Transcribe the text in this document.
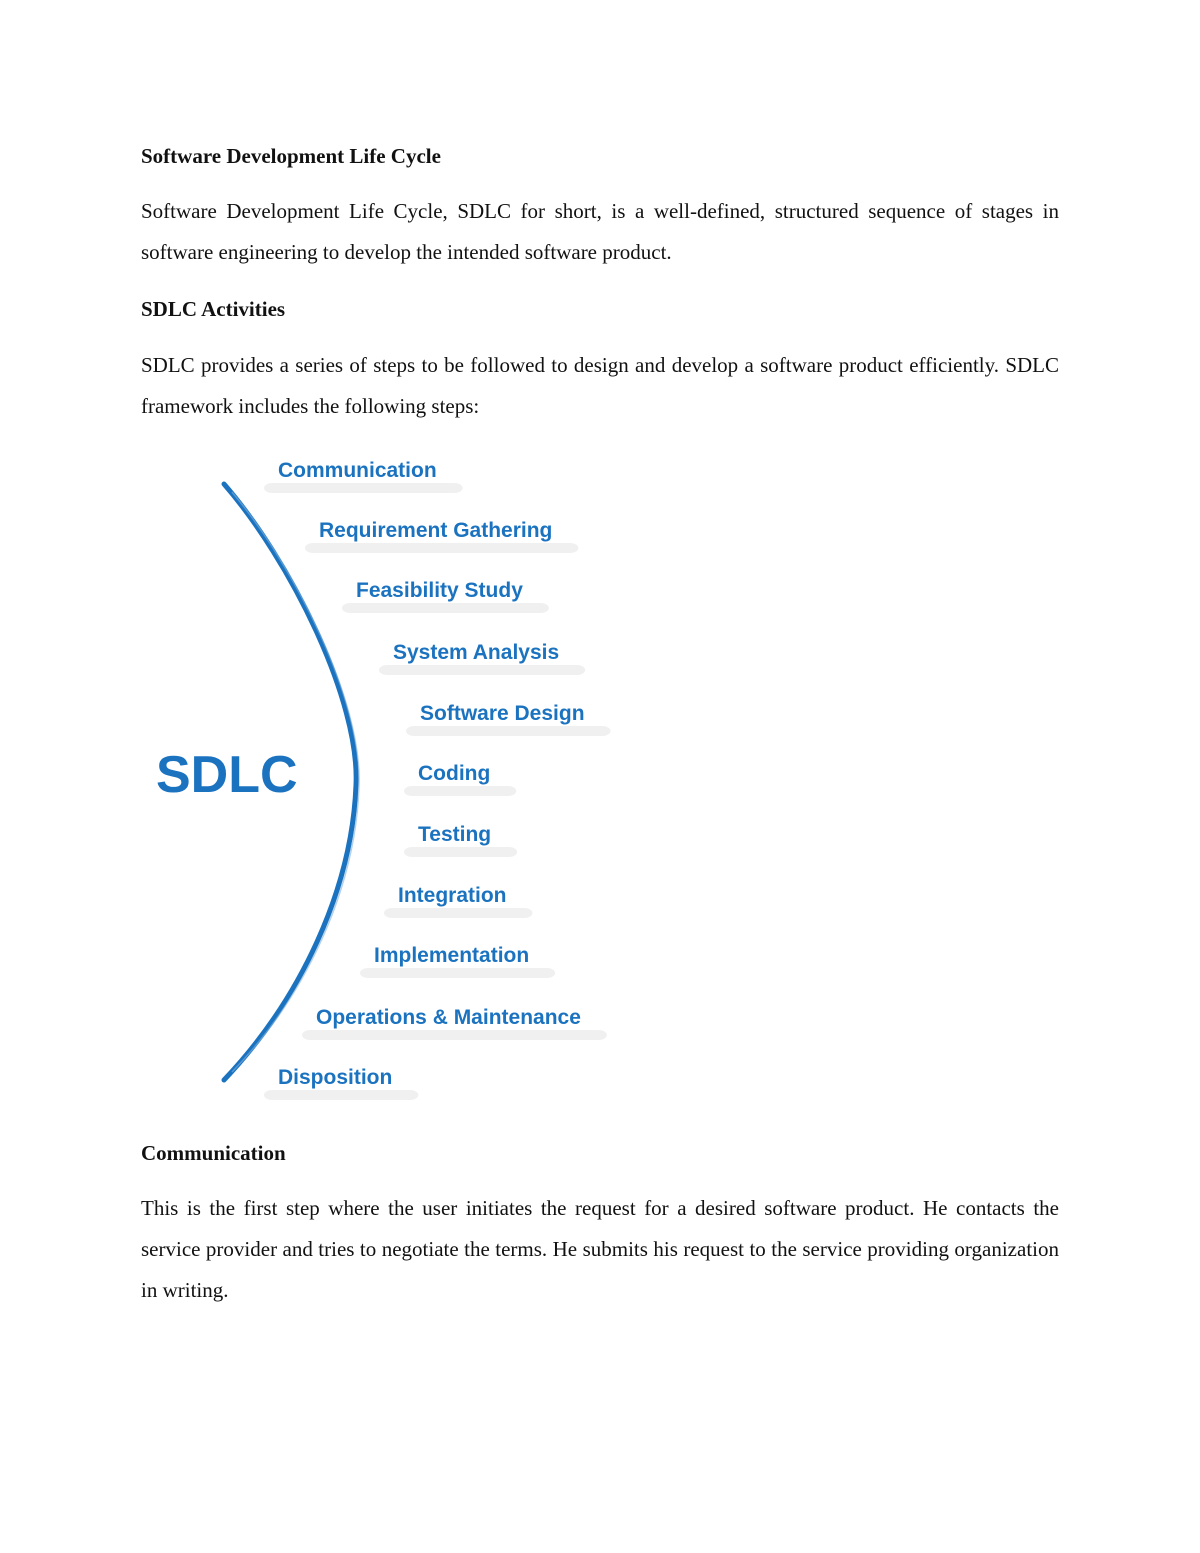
Software Development Life Cycle

Software Development Life Cycle, SDLC for short, is a well-defined, structured sequence of stages in software engineering to develop the intended software product.

SDLC Activities

SDLC provides a series of steps to be followed to design and develop a software product efficiently. SDLC framework includes the following steps:

SDLC
Communication
Requirement Gathering
Feasibility Study
System Analysis
Software Design
Coding
Testing
Integration
Implementation
Operations & Maintenance
Disposition
Communication

This is the first step where the user initiates the request for a desired software product. He contacts the service provider and tries to negotiate the terms. He submits his request to the service providing organization in writing.
